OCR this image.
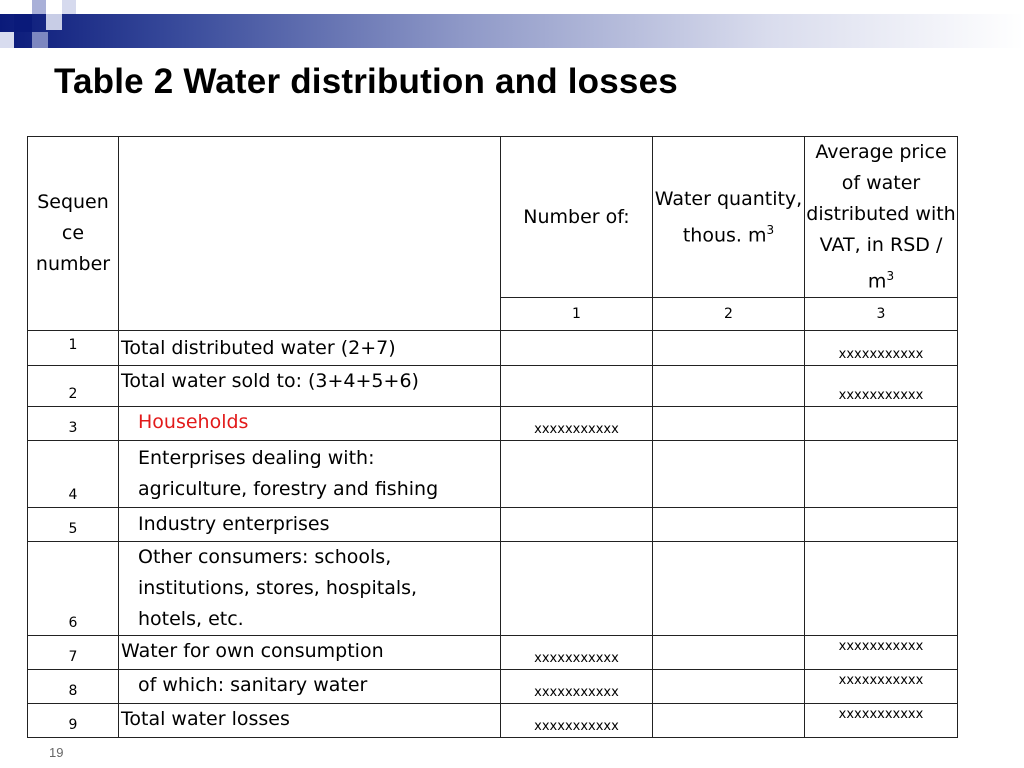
Table 2 Water distribution and losses
Sequen ce number		Number of:	Water quantity, thous. $m^3$	Average price of water distributed with VAT, in RSD / $m^3$
		1	2	3
1	Total distributed water (2+7)			xxxxxxxxxxx
2	Total water sold to: (3+4+5+6)			xxxxxxxxxxx
3	Households	xxxxxxxxxxx		
4	Enterprises dealing with: agriculture, forestry and fishing			
5	Industry enterprises			
6	Other consumers: schools, institutions, stores, hospitals, hotels, etc.			
7	Water for own consumption	xxxxxxxxxxx		xxxxxxxxxxx
8	of which: sanitary water	xxxxxxxxxxx		xxxxxxxxxxx
9	Total water losses	xxxxxxxxxxx		xxxxxxxxxxx
19
